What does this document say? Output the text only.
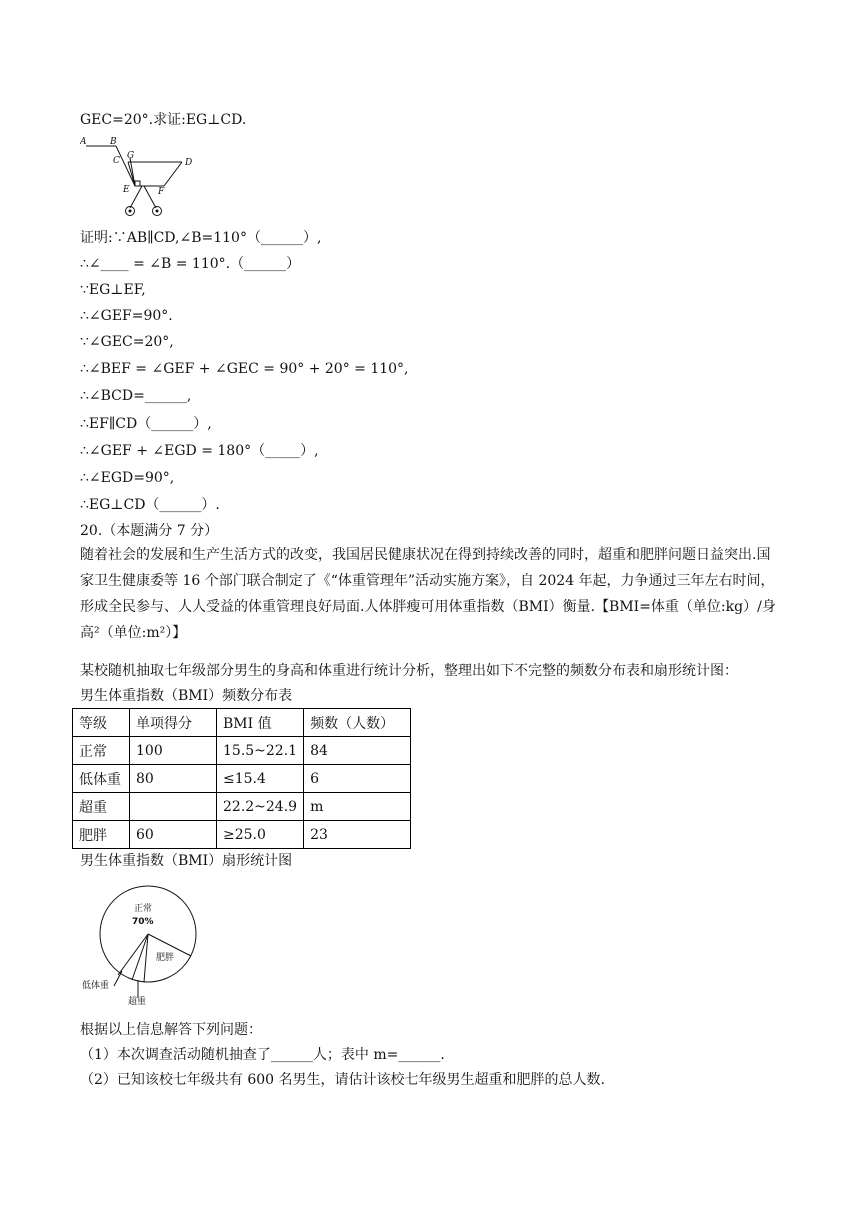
GEC=20°.求证:EG⊥CD.
A	B
C G
D
E	F
证明:∵AB∥CD,∠B=110°（______）,
∴∠____ = ∠B = 110°.（______）
∵EG⊥EF,
∴∠GEF=90°.
∵∠GEC=20°,
∴∠BEF = ∠GEF + ∠GEC = 90° + 20° = 110°,
∴∠BCD=______,
∴EF∥CD（______）,
∴∠GEF + ∠EGD = 180°（_____）,
∴∠EGD=90°,
∴EG⊥CD（______）.
20.（本题满分 7 分）
随着社会的发展和生产生活方式的改变，我国居民健康状况在得到持续改善的同时，超重和肥胖问题日益突出.国家卫生健康委等 16 个部门联合制定了《“体重管理年”活动实施方案》，自 2024 年起，力争通过三年左右时间，形成全民参与、人人受益的体重管理良好局面.人体胖瘦可用体重指数（BMI）衡量.【BMI=体重（单位:kg）/身高²（单位:m²）】
某校随机抽取七年级部分男生的身高和体重进行统计分析，整理出如下不完整的频数分布表和扇形统计图：
男生体重指数（BMI）频数分布表
等级	单项得分	BMI 值	频数（人数）
正常	100	15.5~22.1	84
低体重	80	≤15.4	6
超重		22.2~24.9	m
肥胖	60	≥25.0	23
男生体重指数（BMI）扇形统计图
正常
70%
肥胖
低体重
超重
根据以上信息解答下列问题：
（1）本次调查活动随机抽查了______人；表中 m=______.
（2）已知该校七年级共有 600 名男生，请估计该校七年级男生超重和肥胖的总人数.
